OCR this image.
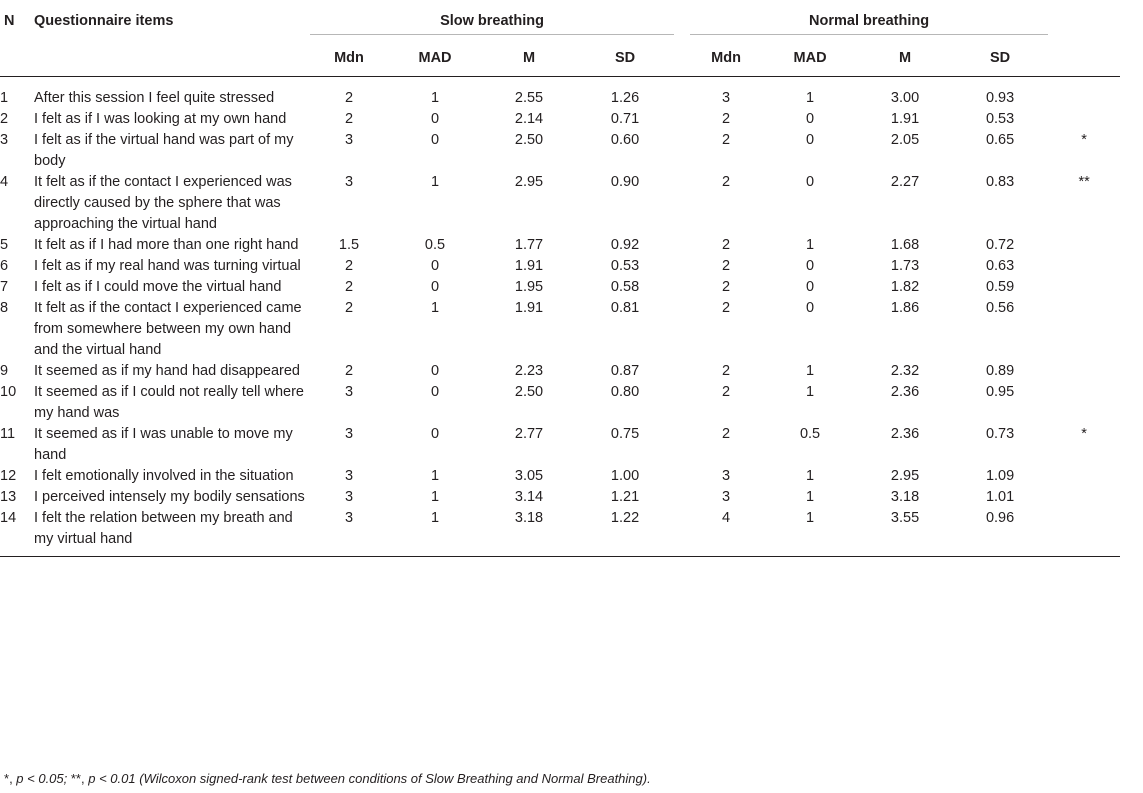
N	Questionnaire items	Slow breathing					Normal breathing				
		Mdn	MAD	M	SD		Mdn	MAD	M	SD	
1	After this session I feel quite stressed	2	1	2.55	1.26		3	1	3.00	0.93	
2	I felt as if I was looking at my own hand	2	0	2.14	0.71		2	0	1.91	0.53	
3	I felt as if the virtual hand was part of my body	3	0	2.50	0.60		2	0	2.05	0.65	*
4	It felt as if the contact I experienced was directly caused by the sphere that was approaching the virtual hand	3	1	2.95	0.90		2	0	2.27	0.83	**
5	It felt as if I had more than one right hand	1.5	0.5	1.77	0.92		2	1	1.68	0.72	
6	I felt as if my real hand was turning virtual	2	0	1.91	0.53		2	0	1.73	0.63	
7	I felt as if I could move the virtual hand	2	0	1.95	0.58		2	0	1.82	0.59	
8	It felt as if the contact I experienced came from somewhere between my own hand and the virtual hand	2	1	1.91	0.81		2	0	1.86	0.56	
9	It seemed as if my hand had disappeared	2	0	2.23	0.87		2	1	2.32	0.89	
10	It seemed as if I could not really tell where my hand was	3	0	2.50	0.80		2	1	2.36	0.95	
11	It seemed as if I was unable to move my hand	3	0	2.77	0.75		2	0.5	2.36	0.73	*
12	I felt emotionally involved in the situation	3	1	3.05	1.00		3	1	2.95	1.09	
13	I perceived intensely my bodily sensations	3	1	3.14	1.21		3	1	3.18	1.01	
14	I felt the relation between my breath and my virtual hand	3	1	3.18	1.22		4	1	3.55	0.96	
*, p < 0.05; **, p < 0.01 (Wilcoxon signed-rank test between conditions of Slow Breathing and Normal Breathing).
